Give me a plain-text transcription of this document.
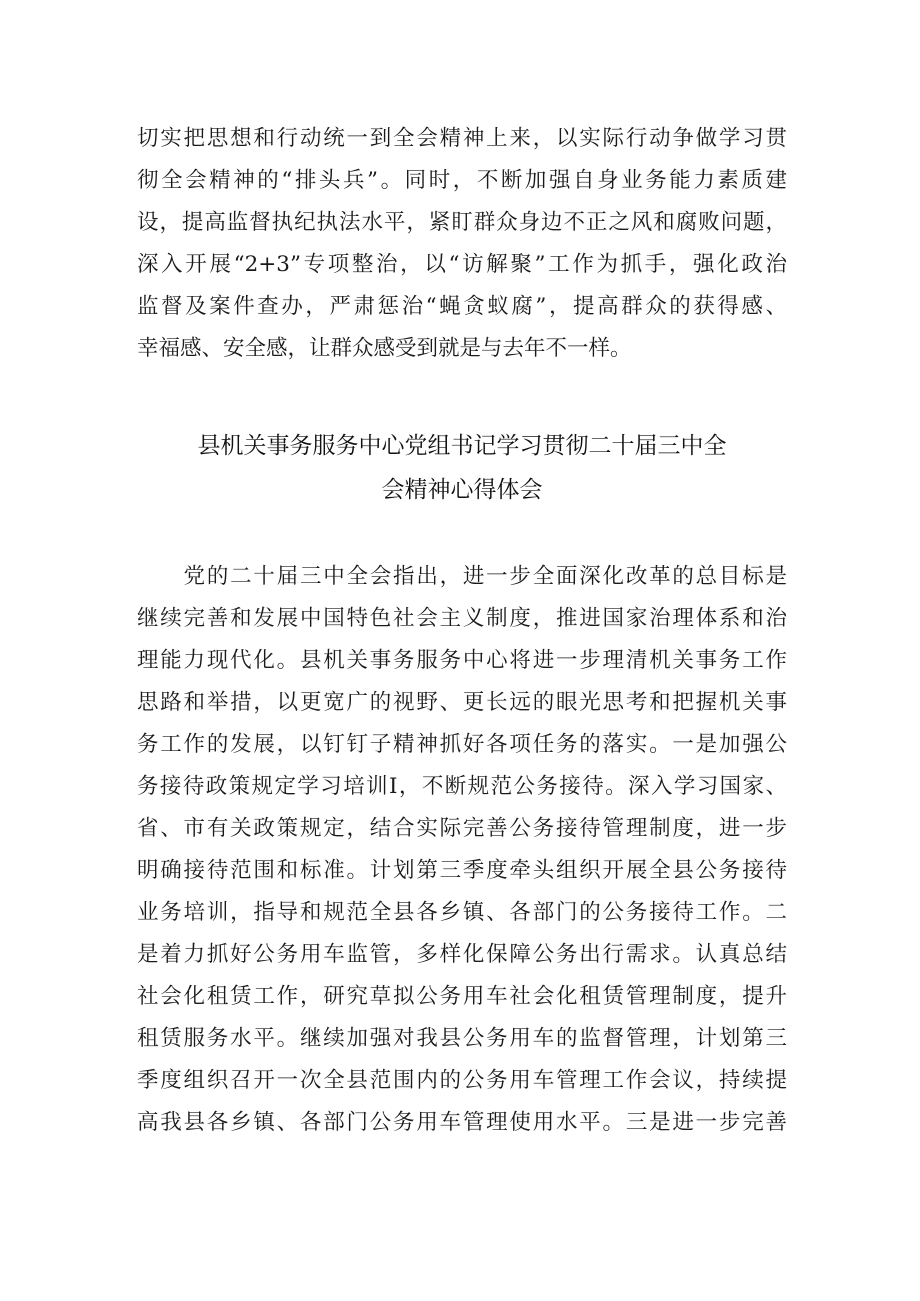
切实把思想和行动统一到全会精神上来，以实际行动争做学习贯
彻全会精神的“排头兵”。同时，不断加强自身业务能力素质建
设，提高监督执纪执法水平，紧盯群众身边不正之风和腐败问题，
深入开展“2+3”专项整治，以“访解聚”工作为抓手，强化政治
监督及案件查办，严肃惩治“蝇贪蚁腐”，提高群众的获得感、
幸福感、安全感，让群众感受到就是与去年不一样。
县机关事务服务中心党组书记学习贯彻二十届三中全
会精神心得体会
　　党的二十届三中全会指出，进一步全面深化改革的总目标是
继续完善和发展中国特色社会主义制度，推进国家治理体系和治
理能力现代化。县机关事务服务中心将进一步理清机关事务工作
思路和举措，以更宽广的视野、更长远的眼光思考和把握机关事
务工作的发展，以钉钉子精神抓好各项任务的落实。一是加强公
务接待政策规定学习培训I，不断规范公务接待。深入学习国家、
省、市有关政策规定，结合实际完善公务接待管理制度，进一步
明确接待范围和标准。计划第三季度牵头组织开展全县公务接待
业务培训，指导和规范全县各乡镇、各部门的公务接待工作。二
是着力抓好公务用车监管，多样化保障公务出行需求。认真总结
社会化租赁工作，研究草拟公务用车社会化租赁管理制度，提升
租赁服务水平。继续加强对我县公务用车的监督管理，计划第三
季度组织召开一次全县范围内的公务用车管理工作会议，持续提
高我县各乡镇、各部门公务用车管理使用水平。三是进一步完善
